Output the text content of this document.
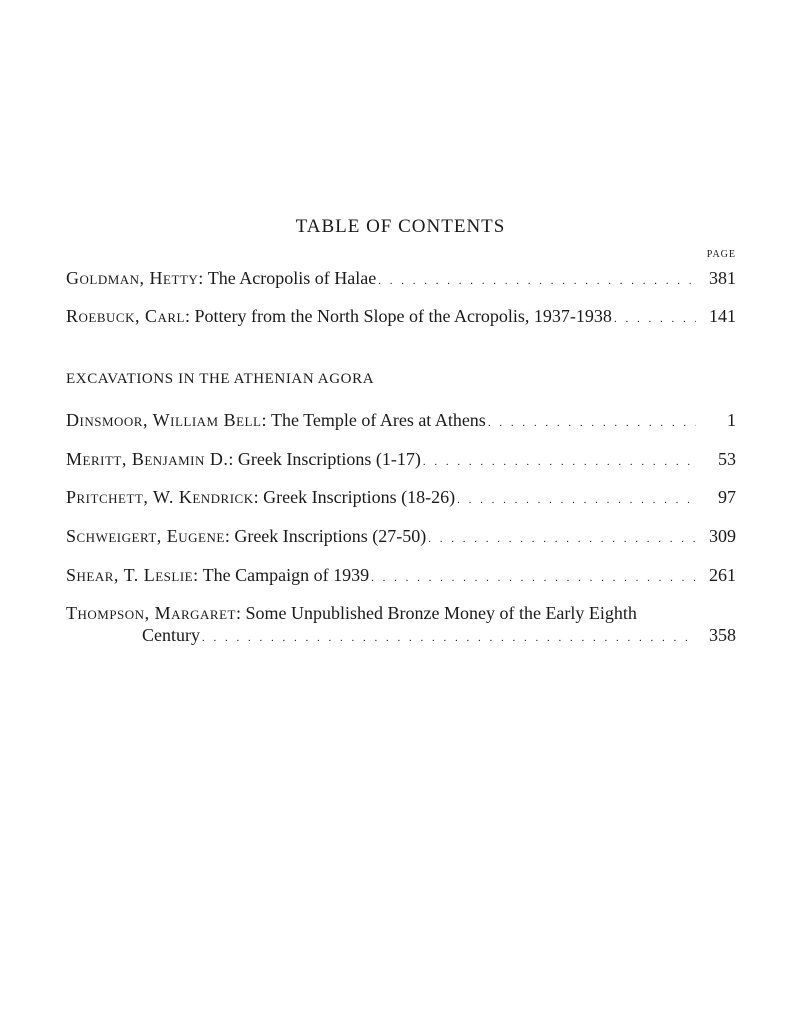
TABLE OF CONTENTS
PAGE
Goldman, Hetty: The Acropolis of Halae . . .	381
Roebuck, Carl: Pottery from the North Slope of the Acropolis, 1937-1938 . . .	141
EXCAVATIONS IN THE ATHENIAN AGORA
Dinsmoor, William Bell: The Temple of Ares at Athens . . .	1
Meritt, Benjamin D.: Greek Inscriptions (1-17) . . .	53
Pritchett, W. Kendrick: Greek Inscriptions (18-26) . . .	97
Schweigert, Eugene: Greek Inscriptions (27-50) . . .	309
Shear, T. Leslie: The Campaign of 1939 . . .	261
Thompson, Margaret: Some Unpublished Bronze Money of the Early Eighth
Century . . .	358
